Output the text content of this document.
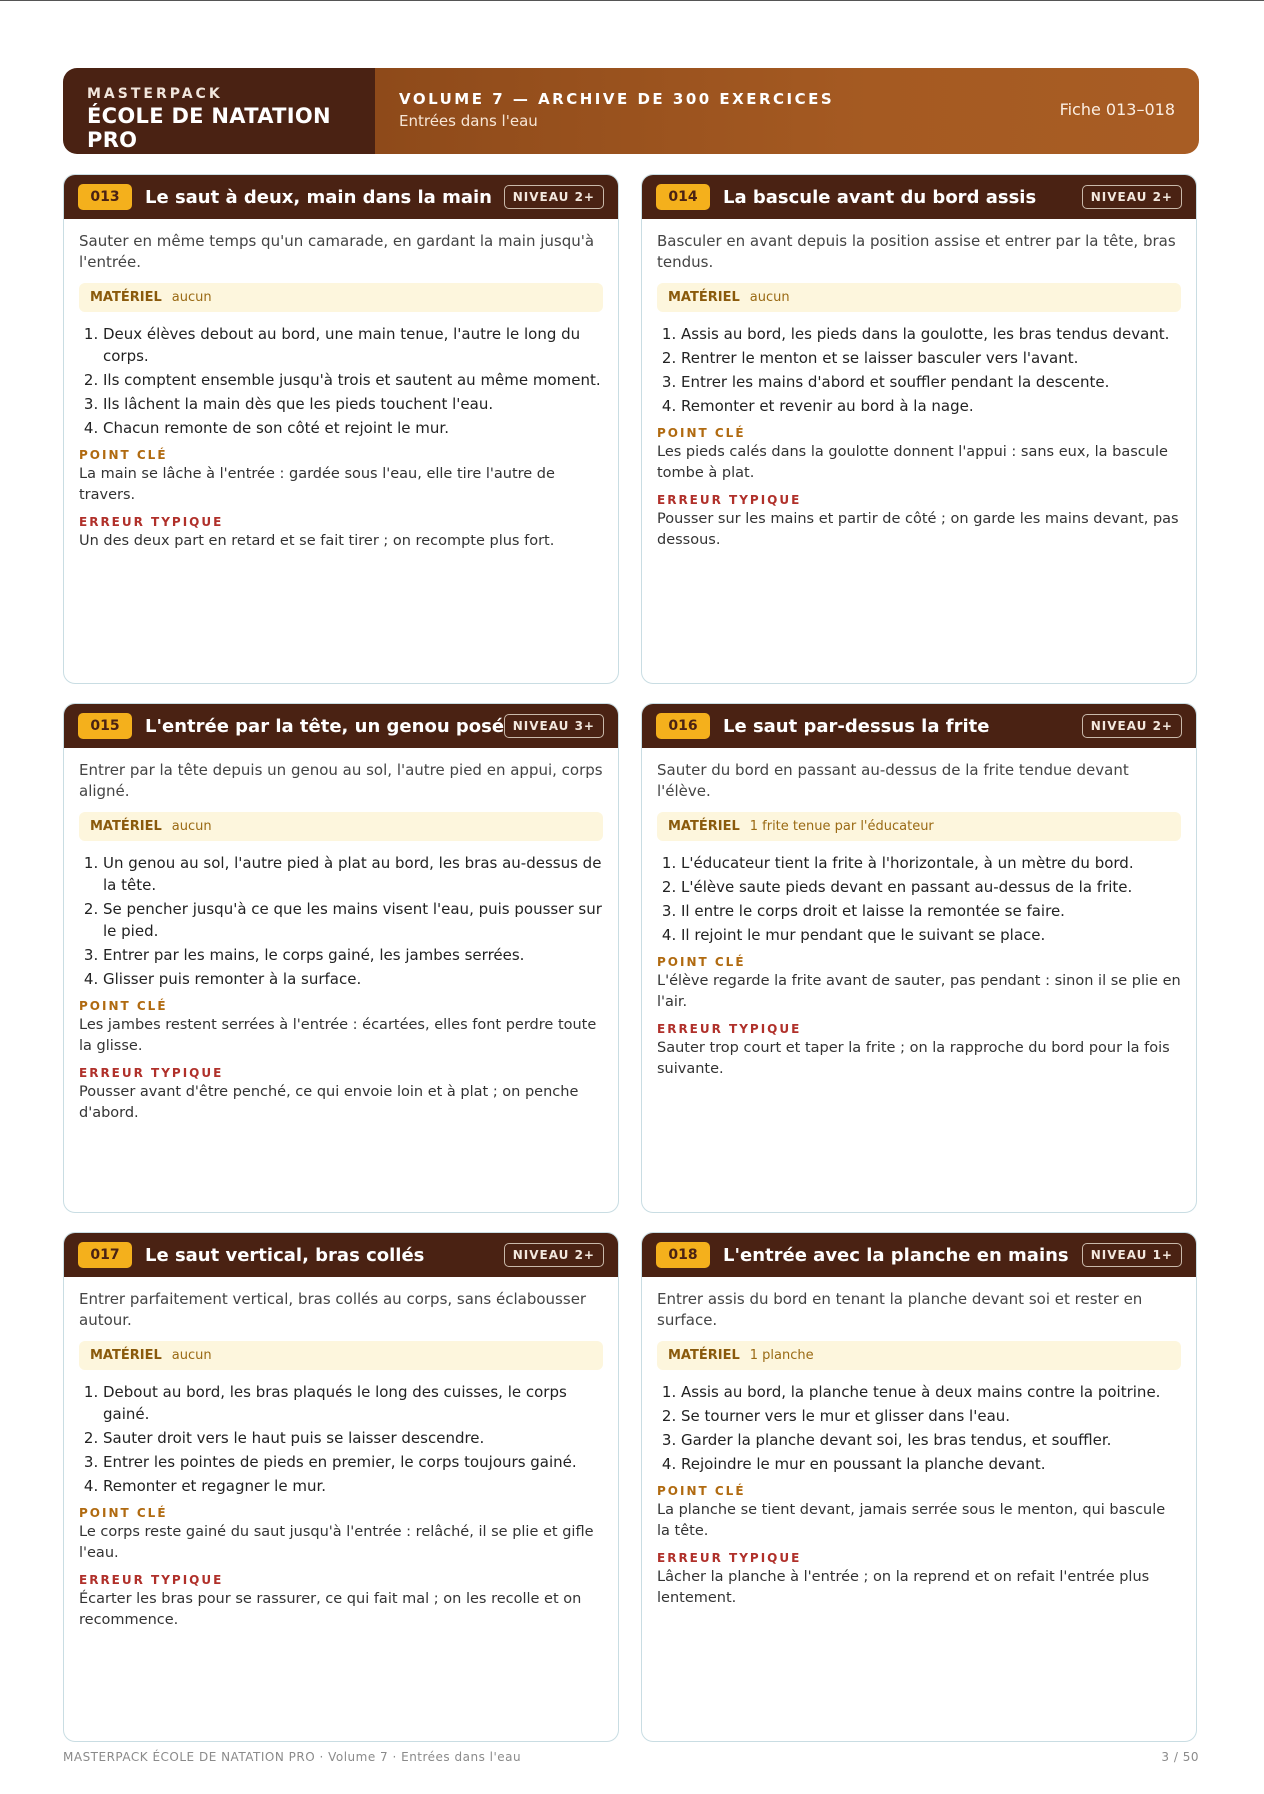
MASTERPACK
ÉCOLE DE NATATION PRO
VOLUME 7 — ARCHIVE DE 300 EXERCICES
Entrées dans l'eau
Fiche 013–018
013	Le saut à deux, main dans la main	NIVEAU 2+
Sauter en même temps qu'un camarade, en gardant la main jusqu'à l'entrée.
MATÉRIEL aucun
1. Deux élèves debout au bord, une main tenue, l'autre le long du corps.
2. Ils comptent ensemble jusqu'à trois et sautent au même moment.
3. Ils lâchent la main dès que les pieds touchent l'eau.
4. Chacun remonte de son côté et rejoint le mur.
POINT CLÉ
La main se lâche à l'entrée : gardée sous l'eau, elle tire l'autre de travers.
ERREUR TYPIQUE
Un des deux part en retard et se fait tirer ; on recompte plus fort.
014	La bascule avant du bord assis	NIVEAU 2+
Basculer en avant depuis la position assise et entrer par la tête, bras tendus.
MATÉRIEL aucun
1. Assis au bord, les pieds dans la goulotte, les bras tendus devant.
2. Rentrer le menton et se laisser basculer vers l'avant.
3. Entrer les mains d'abord et souffler pendant la descente.
4. Remonter et revenir au bord à la nage.
POINT CLÉ
Les pieds calés dans la goulotte donnent l'appui : sans eux, la bascule tombe à plat.
ERREUR TYPIQUE
Pousser sur les mains et partir de côté ; on garde les mains devant, pas dessous.
015	L'entrée par la tête, un genou posé NIVEAU 3+
Entrer par la tête depuis un genou au sol, l'autre pied en appui, corps aligné.
MATÉRIEL aucun
1. Un genou au sol, l'autre pied à plat au bord, les bras au-dessus de la tête.
2. Se pencher jusqu'à ce que les mains visent l'eau, puis pousser sur le pied.
3. Entrer par les mains, le corps gainé, les jambes serrées.
4. Glisser puis remonter à la surface.
POINT CLÉ
Les jambes restent serrées à l'entrée : écartées, elles font perdre toute la glisse.
ERREUR TYPIQUE
Pousser avant d'être penché, ce qui envoie loin et à plat ; on penche d'abord.
016	Le saut par-dessus la frite	NIVEAU 2+
Sauter du bord en passant au-dessus de la frite tendue devant l'élève.
MATÉRIEL 1 frite tenue par l'éducateur
1. L'éducateur tient la frite à l'horizontale, à un mètre du bord.
2. L'élève saute pieds devant en passant au-dessus de la frite.
3. Il entre le corps droit et laisse la remontée se faire.
4. Il rejoint le mur pendant que le suivant se place.
POINT CLÉ
L'élève regarde la frite avant de sauter, pas pendant : sinon il se plie en l'air.
ERREUR TYPIQUE
Sauter trop court et taper la frite ; on la rapproche du bord pour la fois suivante.
017	Le saut vertical, bras collés	NIVEAU 2+
Entrer parfaitement vertical, bras collés au corps, sans éclabousser autour.
MATÉRIEL aucun
1. Debout au bord, les bras plaqués le long des cuisses, le corps gainé.
2. Sauter droit vers le haut puis se laisser descendre.
3. Entrer les pointes de pieds en premier, le corps toujours gainé.
4. Remonter et regagner le mur.
POINT CLÉ
Le corps reste gainé du saut jusqu'à l'entrée : relâché, il se plie et gifle l'eau.
ERREUR TYPIQUE
Écarter les bras pour se rassurer, ce qui fait mal ; on les recolle et on recommence.
018	L'entrée avec la planche en mains	NIVEAU 1+
Entrer assis du bord en tenant la planche devant soi et rester en surface.
MATÉRIEL 1 planche
1. Assis au bord, la planche tenue à deux mains contre la poitrine.
2. Se tourner vers le mur et glisser dans l'eau.
3. Garder la planche devant soi, les bras tendus, et souffler.
4. Rejoindre le mur en poussant la planche devant.
POINT CLÉ
La planche se tient devant, jamais serrée sous le menton, qui bascule la tête.
ERREUR TYPIQUE
Lâcher la planche à l'entrée ; on la reprend et on refait l'entrée plus lentement.
MASTERPACK ÉCOLE DE NATATION PRO · Volume 7 · Entrées dans l'eau	3 / 50
